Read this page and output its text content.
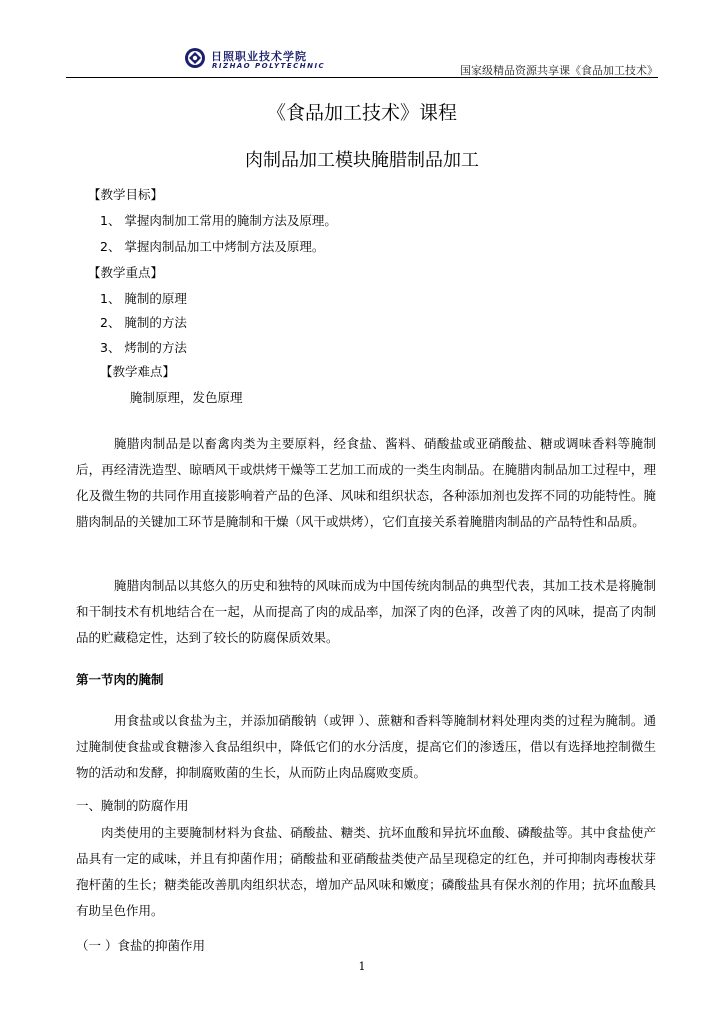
日照职业技术学院
RIZHAO POLYTECHNIC	国家级精品资源共享课《食品加工技术》
《食品加工技术》课程
肉制品加工模块腌腊制品加工
【教学目标】
1、 掌握肉制加工常用的腌制方法及原理。
2、 掌握肉制品加工中烤制方法及原理。
【教学重点】
1、 腌制的原理
2、 腌制的方法
3、 烤制的方法
【教学难点】
腌制原理，发色原理
腌腊肉制品是以畜禽肉类为主要原料，经食盐、酱料、硝酸盐或亚硝酸盐、糖或调味香料等腌制后，再经清洗造型、晾晒风干或烘烤干燥等工艺加工而成的一类生肉制品。在腌腊肉制品加工过程中，理化及微生物的共同作用直接影响着产品的色泽、风味和组织状态，各种添加剂也发挥不同的功能特性。腌腊肉制品的关键加工环节是腌制和干燥（风干或烘烤），它们直接关系着腌腊肉制品的产品特性和品质。
腌腊肉制品以其悠久的历史和独特的风味而成为中国传统肉制品的典型代表，其加工技术是将腌制和干制技术有机地结合在一起，从而提高了肉的成品率，加深了肉的色泽，改善了肉的风味，提高了肉制品的贮藏稳定性，达到了较长的防腐保质效果。
第一节肉的腌制
用食盐或以食盐为主，并添加硝酸钠（或钾 ）、蔗糖和香料等腌制材料处理肉类的过程为腌制。通过腌制使食盐或食糖渗入食品组织中，降低它们的水分活度，提高它们的渗透压，借以有选择地控制微生物的活动和发酵，抑制腐败菌的生长，从而防止肉品腐败变质。
一、腌制的防腐作用
肉类使用的主要腌制材料为食盐、硝酸盐、糖类、抗坏血酸和异抗坏血酸、磷酸盐等。其中食盐使产品具有一定的咸味，并且有抑菌作用；硝酸盐和亚硝酸盐类使产品呈现稳定的红色，并可抑制肉毒梭状芽孢杆菌的生长；糖类能改善肌肉组织状态，增加产品风味和嫩度；磷酸盐具有保水剂的作用；抗坏血酸具有助呈色作用。
（一 ）食盐的抑菌作用
1
